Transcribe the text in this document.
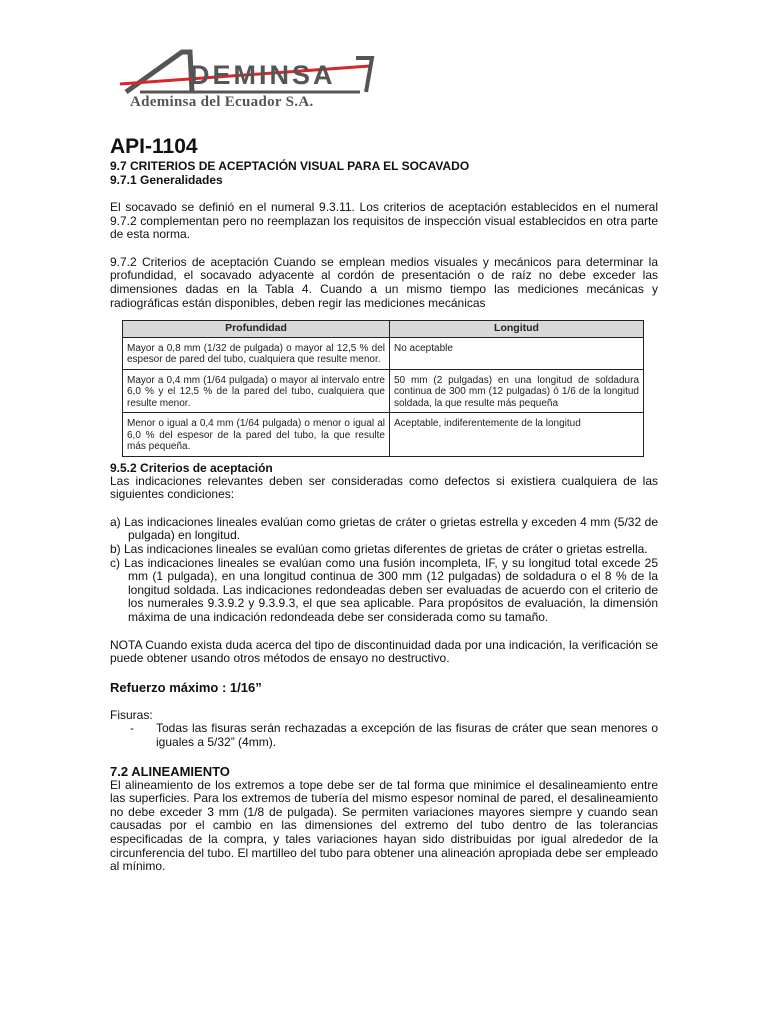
DEMINSA
Ademinsa del Ecuador S.A.
API-1104
9.7 CRITERIOS DE ACEPTACIÓN VISUAL PARA EL SOCAVADO
9.7.1 Generalidades

El socavado se definió en el numeral 9.3.11. Los criterios de aceptación establecidos en el numeral 9.7.2 complementan pero no reemplazan los requisitos de inspección visual establecidos en otra parte de esta norma.

9.7.2 Criterios de aceptación Cuando se emplean medios visuales y mecánicos para determinar la profundidad, el socavado adyacente al cordón de presentación o de raíz no debe exceder las dimensiones dadas en la Tabla 4. Cuando a un mismo tiempo las mediciones mecánicas y radiográficas están disponibles, deben regir las mediciones mecánicas

Profundidad	Longitud
Mayor a 0,8 mm (1/32 de pulgada) o mayor al 12,5 % del espesor de pared del tubo, cualquiera que resulte menor.	No aceptable
Mayor a 0,4 mm (1/64 pulgada) o mayor al intervalo entre 6,0 % y el 12,5 % de la pared del tubo, cualquiera que resulte menor.	50 mm (2 pulgadas) en una longitud de soldadura continua de 300 mm (12 pulgadas) ó 1/6 de la longitud soldada, la que resulte más pequeña
Menor o igual a 0,4 mm (1/64 pulgada) o menor o igual al 6,0 % del espesor de la pared del tubo, la que resulte más pequeña.	Aceptable, indiferentemente de la longitud
9.5.2 Criterios de aceptación

Las indicaciones relevantes deben ser consideradas como defectos si existiera cualquiera de las siguientes condiciones:

a) Las indicaciones lineales evalúan como grietas de cráter o grietas estrella y exceden 4 mm (5/32 de pulgada) en longitud.
b) Las indicaciones lineales se evalúan como grietas diferentes de grietas de cráter o grietas estrella.
c) Las indicaciones lineales se evalúan como una fusión incompleta, IF, y su longitud total excede 25 mm (1 pulgada), en una longitud continua de 300 mm (12 pulgadas) de soldadura o el 8 % de la longitud soldada. Las indicaciones redondeadas deben ser evaluadas de acuerdo con el criterio de los numerales 9.3.9.2 y 9.3.9.3, el que sea aplicable. Para propósitos de evaluación, la dimensión máxima de una indicación redondeada debe ser considerada como su tamaño.

NOTA Cuando exista duda acerca del tipo de discontinuidad dada por una indicación, la verificación se puede obtener usando otros métodos de ensayo no destructivo.

Refuerzo máximo : 1/16”
Fisuras:
-	Todas las fisuras serán rechazadas a excepción de las fisuras de cráter que sean menores o iguales a 5/32” (4mm).
7.2 ALINEAMIENTO

El alineamiento de los extremos a tope debe ser de tal forma que minimice el desalineamiento entre las superficies. Para los extremos de tubería del mismo espesor nominal de pared, el desalineamiento no debe exceder 3 mm (1/8 de pulgada). Se permiten variaciones mayores siempre y cuando sean causadas por el cambio en las dimensiones del extremo del tubo dentro de las tolerancias especificadas de la compra, y tales variaciones hayan sido distribuidas por igual alrededor de la circunferencia del tubo. El martilleo del tubo para obtener una alineación apropiada debe ser empleado al mínimo.
